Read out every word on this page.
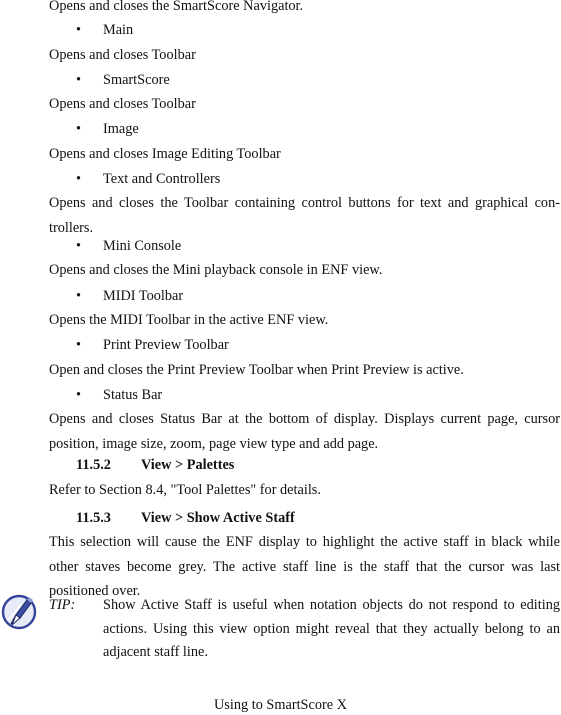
Opens and closes the SmartScore Navigator.
• Main
Opens and closes Toolbar
• SmartScore
Opens and closes Toolbar
• Image
Opens and closes Image Editing Toolbar
• Text and Controllers
Opens and closes the Toolbar containing control buttons for text and graphical con-trollers.
• Mini Console
Opens and closes the Mini playback console in ENF view.
• MIDI Toolbar
Opens the MIDI Toolbar in the active ENF view.
• Print Preview Toolbar
Open and closes the Print Preview Toolbar when Print Preview is active.
• Status Bar
Opens and closes Status Bar at the bottom of display. Displays current page, cursor position, image size, zoom, page view type and add page.
11.5.2 View > Palettes
Refer to Section 8.4, "Tool Palettes" for details.
11.5.3 View > Show Active Staff
This selection will cause the ENF display to highlight the active staff in black while other staves become grey. The active staff line is the staff that the cursor was last positioned over.
TIP: Show Active Staff is useful when notation objects do not respond to editing actions. Using this view option might reveal that they actually belong to an adjacent staff line.
Using to SmartScore X
